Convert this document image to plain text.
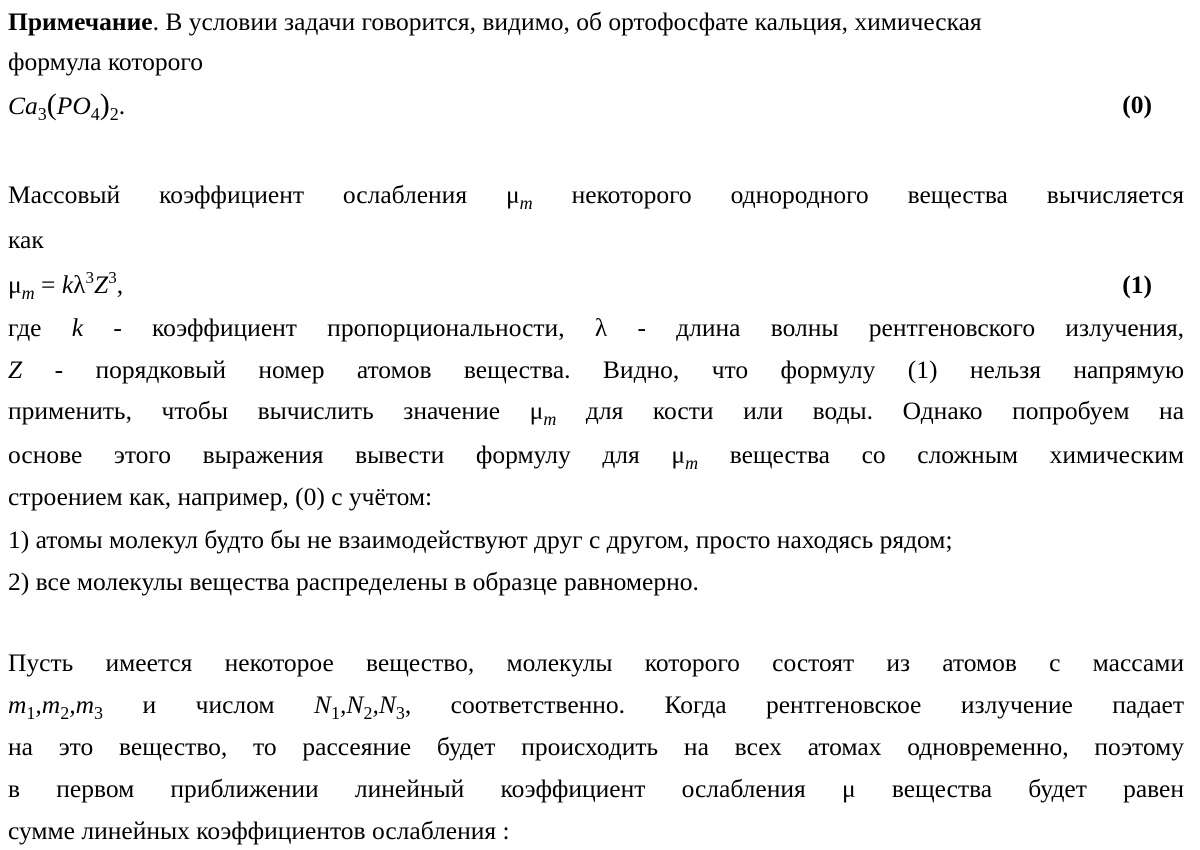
Примечание. В условии задачи говорится, видимо, об ортофосфате кальция, химическая
формула которого
$Ca_3(PO_4)_2$.	(0)
Массовый коэффициент ослабления $\mu_m$ некоторого однородного вещества вычисляется
как
$\mu_m = k\lambda^3Z^3$,	(1)
где k - коэффициент пропорциональности, λ - длина волны рентгеновского излучения,
Z - порядковый номер атомов вещества. Видно, что формулу (1) нельзя напрямую
применить, чтобы вычислить значение $\mu_m$ для кости или воды. Однако попробуем на
основе этого выражения вывести формулу для $\mu_m$ вещества со сложным химическим
строением как, например, (0) с учётом:
1) атомы молекул будто бы не взаимодействуют друг с другом, просто находясь рядом;
2) все молекулы вещества распределены в образце равномерно.
Пусть имеется некоторое вещество, молекулы которого состоят из атомов с массами
$m_1,m_2,m_3$ и числом $N_1,N_2,N_3$, соответственно. Когда рентгеновское излучение падает
на это вещество, то рассеяние будет происходить на всех атомах одновременно, поэтому
в первом приближении линейный коэффициент ослабления μ вещества будет равен
сумме линейных коэффициентов ослабления :
